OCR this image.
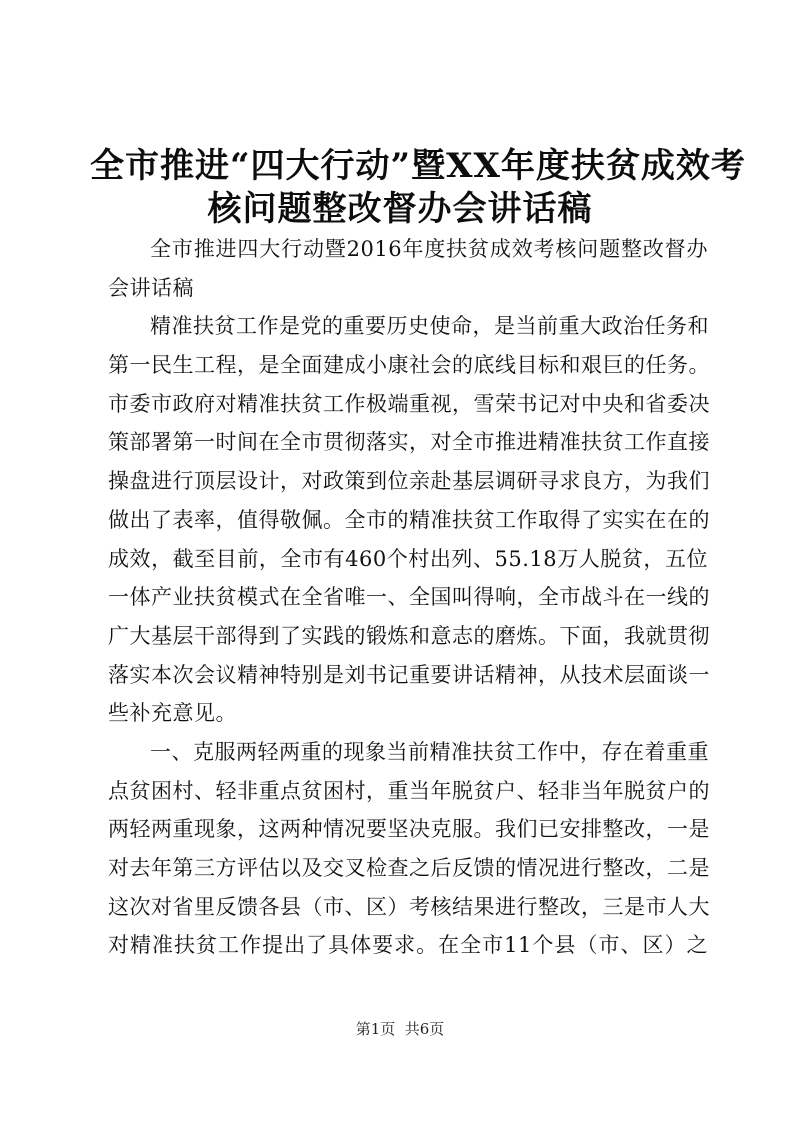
全市推进“四大行动”暨XX年度扶贫成效考
核问题整改督办会讲话稿
全市推进四大行动暨2016年度扶贫成效考核问题整改督办
会讲话稿
精准扶贫工作是党的重要历史使命，是当前重大政治任务和
第一民生工程，是全面建成小康社会的底线目标和艰巨的任务。
市委市政府对精准扶贫工作极端重视，雪荣书记对中央和省委决
策部署第一时间在全市贯彻落实，对全市推进精准扶贫工作直接
操盘进行顶层设计，对政策到位亲赴基层调研寻求良方，为我们
做出了表率，值得敬佩。全市的精准扶贫工作取得了实实在在的
成效，截至目前，全市有460个村出列、55.18万人脱贫，五位
一体产业扶贫模式在全省唯一、全国叫得响，全市战斗在一线的
广大基层干部得到了实践的锻炼和意志的磨炼。下面，我就贯彻
落实本次会议精神特别是刘书记重要讲话精神，从技术层面谈一
些补充意见。
一、克服两轻两重的现象当前精准扶贫工作中，存在着重重
点贫困村、轻非重点贫困村，重当年脱贫户、轻非当年脱贫户的
两轻两重现象，这两种情况要坚决克服。我们已安排整改，一是
对去年第三方评估以及交叉检查之后反馈的情况进行整改，二是
这次对省里反馈各县（市、区）考核结果进行整改，三是市人大
对精准扶贫工作提出了具体要求。在全市11个县（市、区）之
第1页  共6页
